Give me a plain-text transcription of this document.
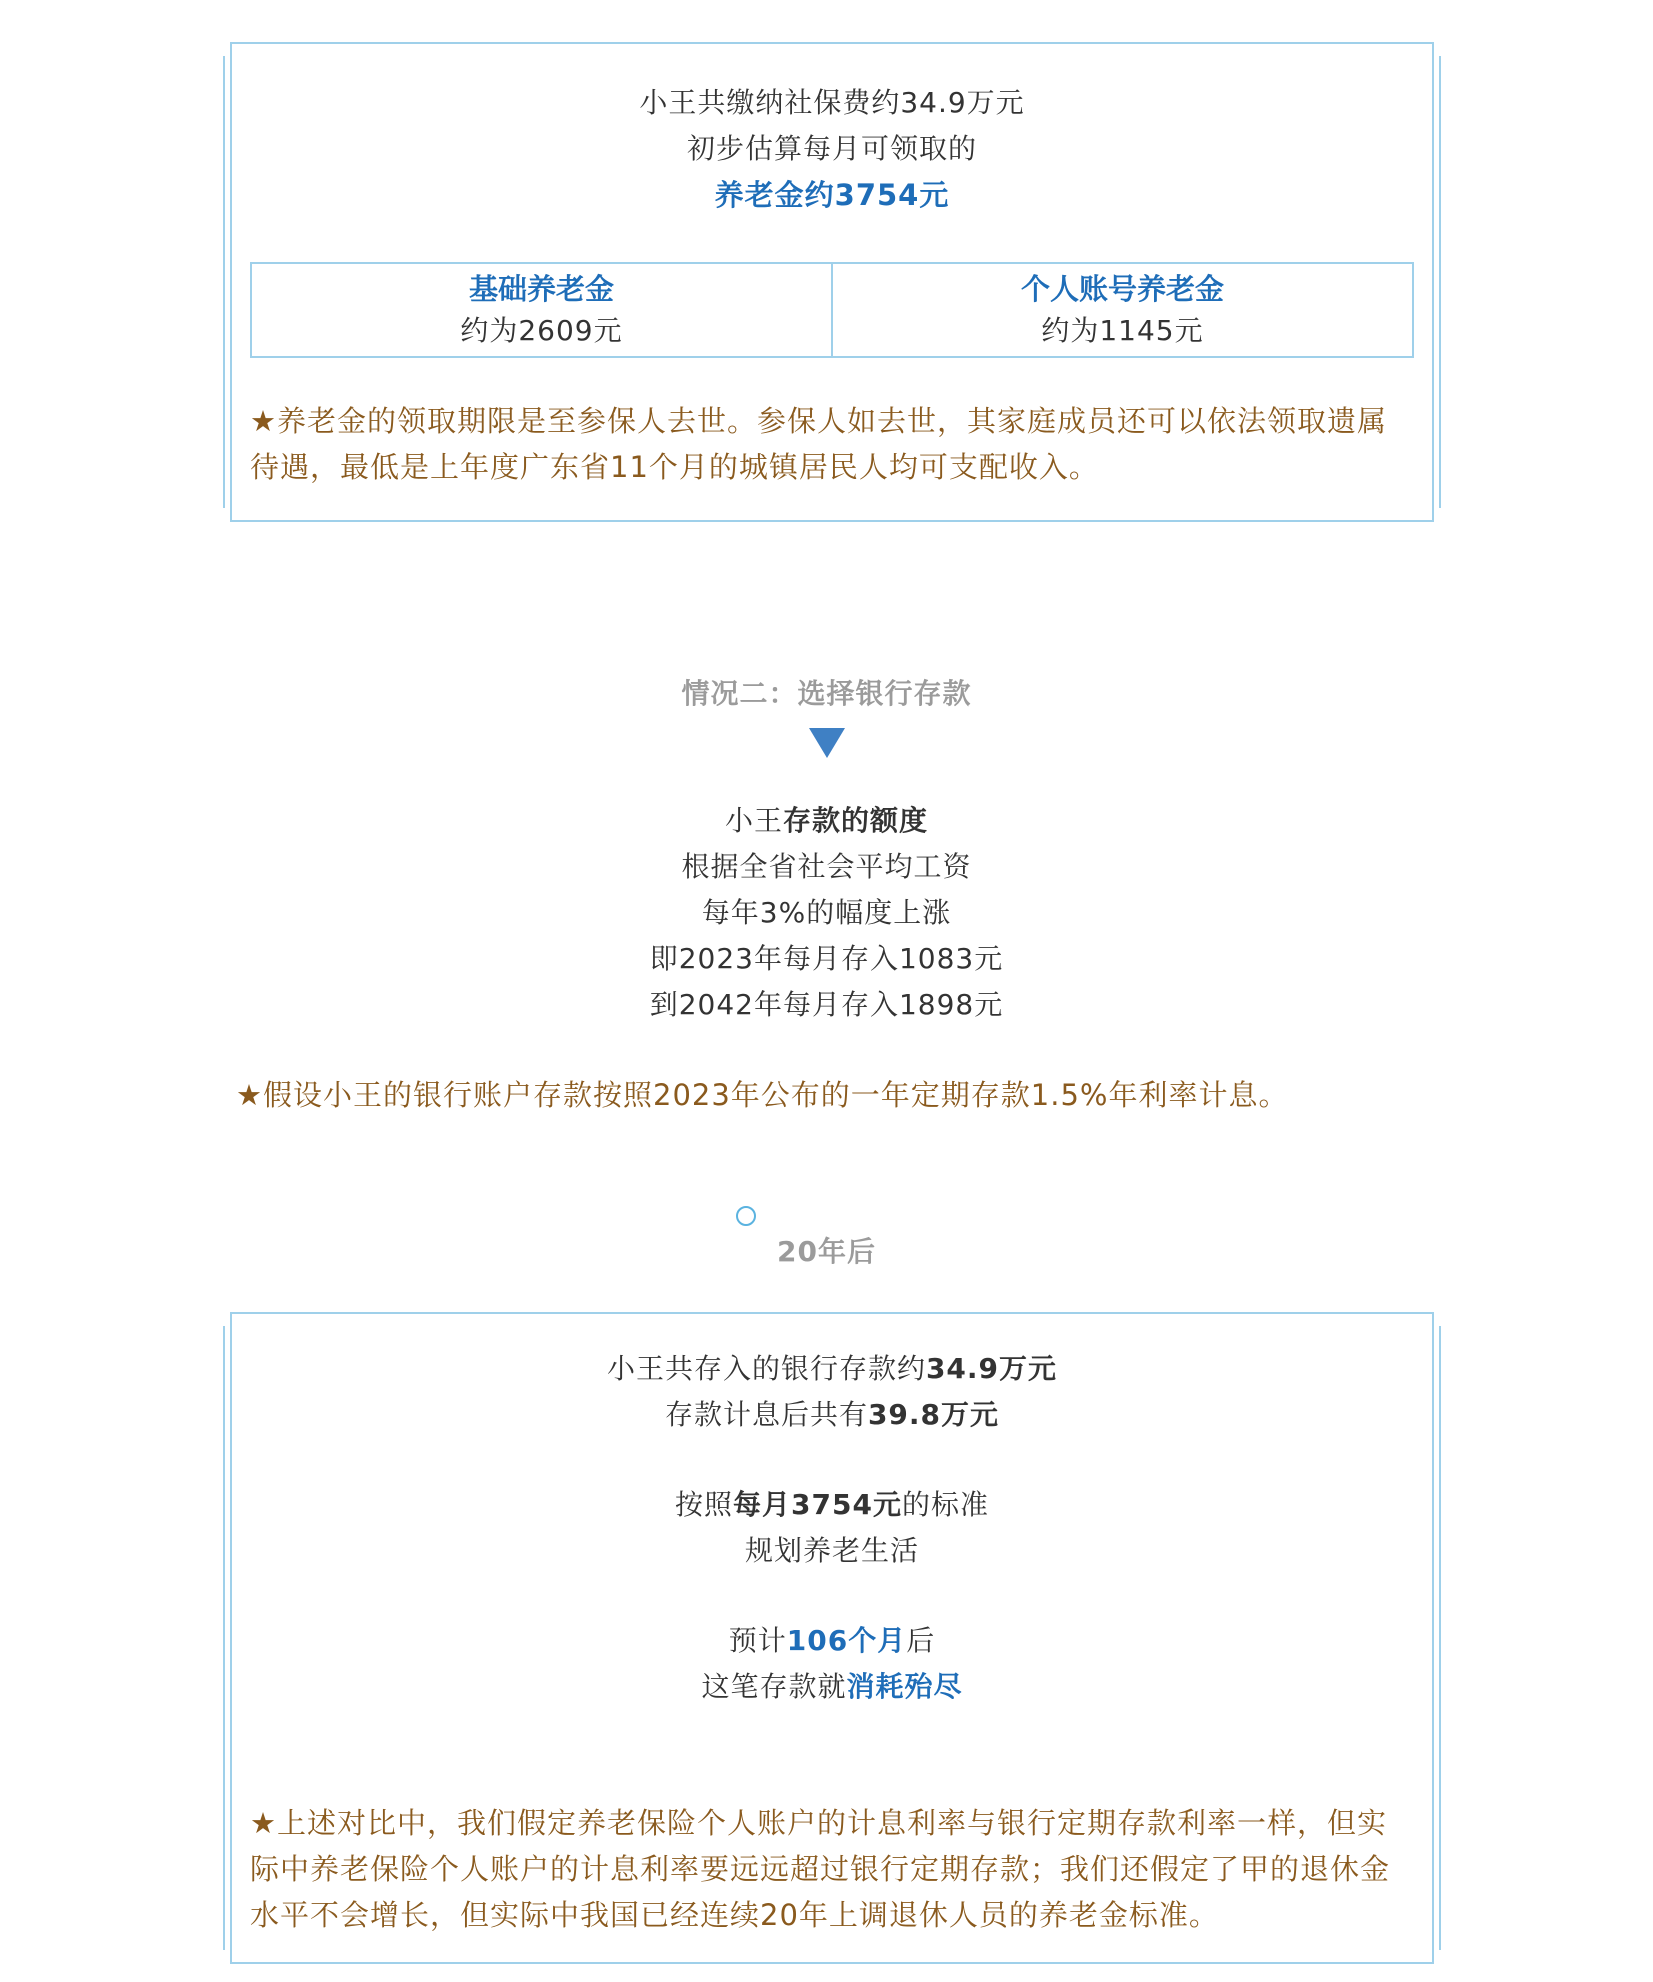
小王共缴纳社保费约34.9万元
初步估算每月可领取的
养老金约3754元
基础养老金
约为2609元
个人账号养老金
约为1145元
★养老金的领取期限是至参保人去世。参保人如去世，其家庭成员还可以依法领取遗属待遇，最低是上年度广东省11个月的城镇居民人均可支配收入。
情况二：选择银行存款
小王存款的额度
根据全省社会平均工资
每年3%的幅度上涨
即2023年每月存入1083元
到2042年每月存入1898元
★假设小王的银行账户存款按照2023年公布的一年定期存款1.5%年利率计息。
20年后
小王共存入的银行存款约34.9万元
存款计息后共有39.8万元
按照每月3754元的标准
规划养老生活
预计106个月后
这笔存款就消耗殆尽
★上述对比中，我们假定养老保险个人账户的计息利率与银行定期存款利率一样，但实际中养老保险个人账户的计息利率要远远超过银行定期存款；我们还假定了甲的退休金水平不会增长，但实际中我国已经连续20年上调退休人员的养老金标准。
